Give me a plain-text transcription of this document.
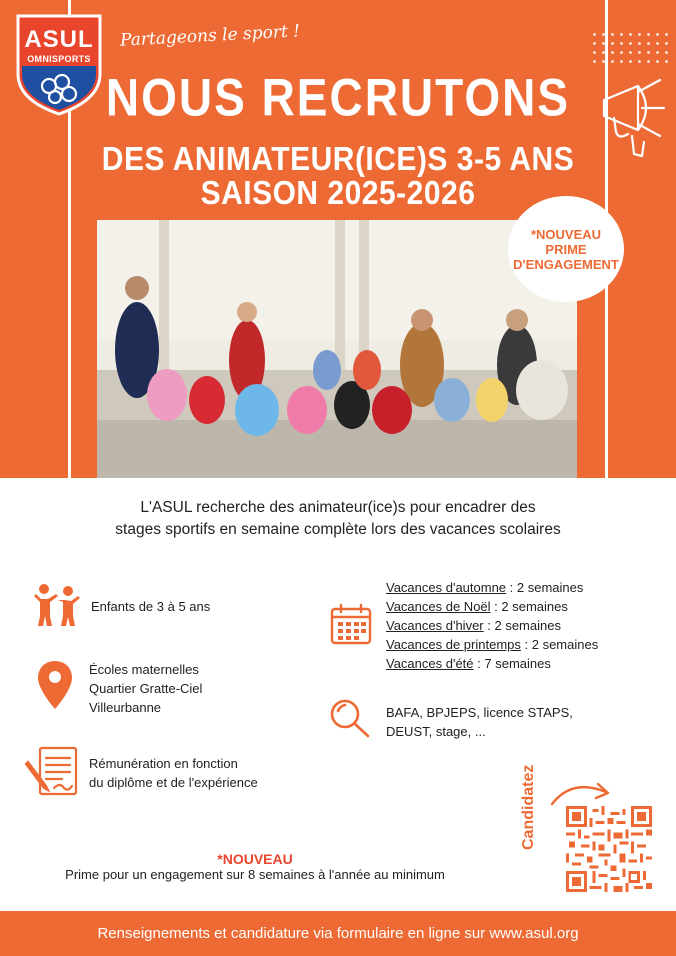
ASUL
OMNISPORTS
Partageons le sport !
NOUS RECRUTONS
DES ANIMATEUR(ICE)S 3-5 ANS
SAISON 2025-2026
*NOUVEAU PRIME D'ENGAGEMENT
L'ASUL recherche des animateur(ice)s pour encadrer des
stages sportifs en semaine complète lors des vacances scolaires
Enfants de 3 à 5 ans
Écoles maternelles
Quartier Gratte-Ciel
Villeurbanne
Rémunération en fonction
du diplôme et de l'expérience
Vacances d'automne : 2 semaines
Vacances de Noël : 2 semaines
Vacances d'hiver : 2 semaines
Vacances de printemps : 2 semaines
Vacances d'été : 7 semaines
BAFA, BPJEPS, licence STAPS,
DEUST, stage, ...
*NOUVEAU
Prime pour un engagement sur 8 semaines à l'année au minimum
Candidatez
Renseignements et candidature via formulaire en ligne sur www.asul.org
